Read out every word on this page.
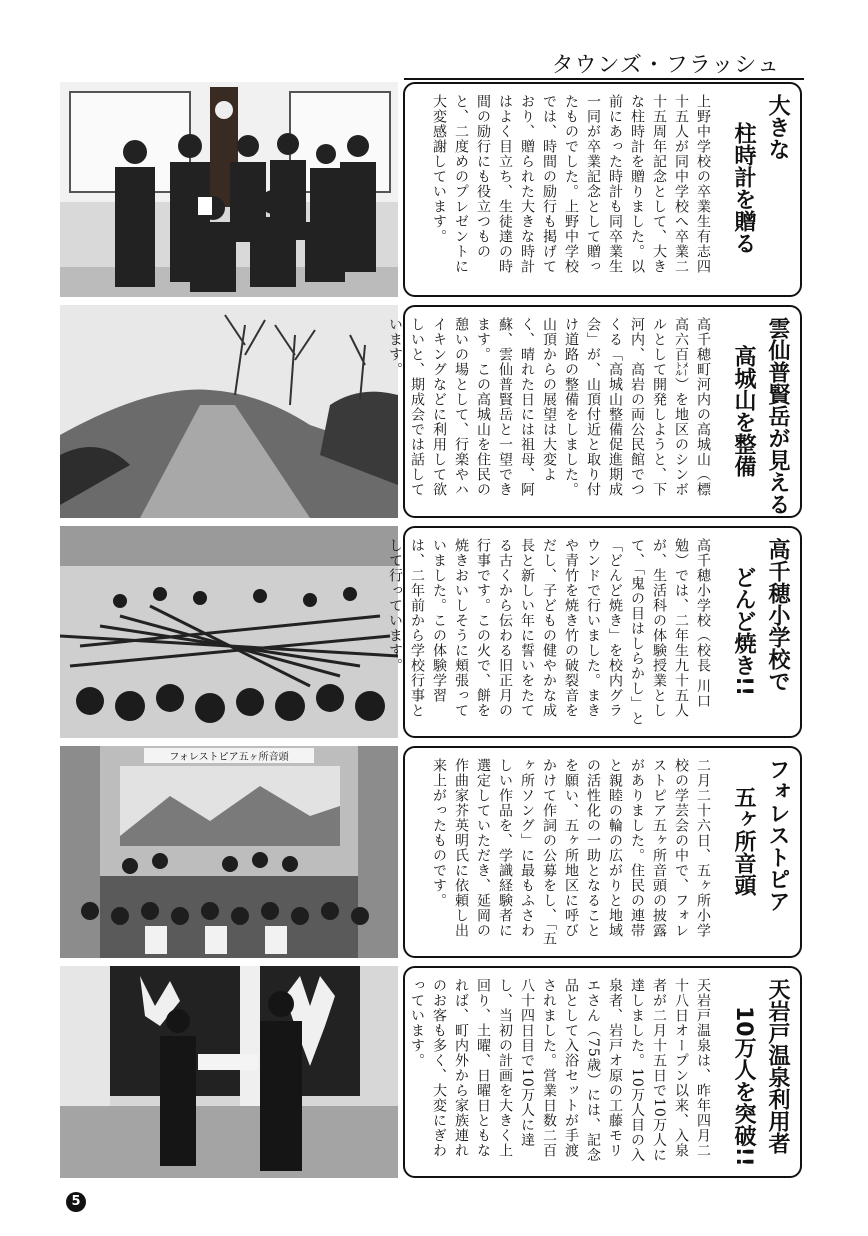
タウンズ・フラッシュ
上野中学校の卒業生有志四十五人が同中学校へ卒業二十五周年記念として、大きな柱時計を贈りました。以前にあった時計も同卒業生一同が卒業記念として贈ったものでした。上野中学校では、時間の励行も掲げており、贈られた大きな時計はよく目立ち、生徒達の時間の励行にも役立つものと、二度めのプレゼントに大変感謝しています。	大きな
柱時計を贈る
高千穂町河内の高城山（標高六百㍍）を地区のシンボルとして開発しようと、下河内、高岩の両公民館でつくる「高城山整備促進期成会」が、山頂付近と取り付け道路の整備をしました。山頂からの展望は大変よく、晴れた日には祖母、阿蘇、雲仙普賢岳と一望できます。この高城山を住民の憩いの場として、行楽やハイキングなどに利用して欲しいと、期成会では話しています。	雲仙普賢岳が見える
高城山を整備
高千穂小学校（校長 川口勉）では、二年生九十五人が、生活科の体験授業として、「鬼の目はしらかし」と「どんど焼き」を校内グラウンドで行いました。まきや青竹を焼き竹の破裂音をだし、子どもの健やかな成長と新しい年に誓いをたてる古くから伝わる旧正月の行事です。この火で、餅を焼きおいしそうに頬張っていました。この体験学習は、二年前から学校行事として行っています。	高千穂小学校で
どんど焼き!!
フォレストピア五ヶ所音頭
二月二十六日、五ヶ所小学校の学芸会の中で、フォレストピア五ヶ所音頭の披露がありました。住民の連帯と親睦の輪の広がりと地域の活性化の一助となることを願い、五ヶ所地区に呼びかけて作詞の公募をし、「五ヶ所ソング」に最もふさわしい作品を、学識経験者に選定していただき、延岡の作曲家芥英明氏に依頼し出来上がったものです。	フォレストピア
五ヶ所音頭
天岩戸温泉は、昨年四月二十八日オープン以来、入泉者が二月十五日で10万人に達しました。10万人目の入泉者、岩戸オ原の工藤モリエさん（75歳）には、記念品として入浴セットが手渡されました。営業日数二百八十四日目で10万人に達し、当初の計画を大きく上回り、土曜、日曜日ともなれば、町内外から家族連れのお客も多く、大変にぎわっています。	天岩戸温泉利用者
10万人を突破!!
5
